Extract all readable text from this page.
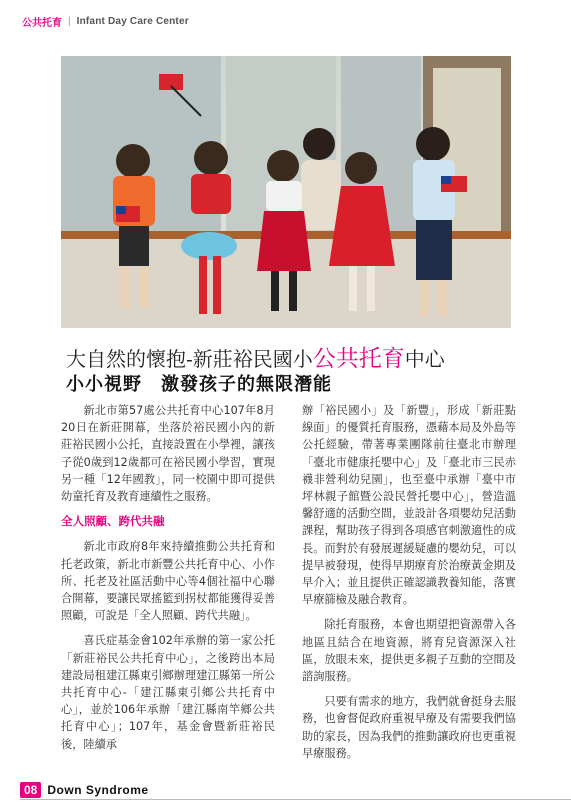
公共托育 | Infant Day Care Center
大自然的懷抱-新莊裕民國小公共托育中心
小小視野　激發孩子的無限潛能

新北市第57處公共托育中心107年8月20日在新莊開幕，坐落於裕民國小內的新莊裕民國小公托，直接設置在小學裡，讓孩子從0歲到12歲都可在裕民國小學習，實現另一種「12年國教」，同一校園中即可提供幼童托育及教育連續性之服務。

全人照顧、跨代共融

新北市政府8年來持續推動公共托育和托老政策，新北市新豐公共托育中心、小作所、托老及社區活動中心等4個社福中心聯合開幕，要讓民眾搖籃到拐杖都能獲得妥善照顧，可說是「全人照顧、跨代共融」。

喜氏症基金會102年承辦的第一家公托「新莊裕民公共托育中心」，之後跨出本局建設局租建江縣東引鄉辦理建江縣第一所公共托育中心-「建江縣東引鄉公共托育中心」，並於106年承辦「建江縣南竿鄉公共托育中心」；107年，基金會暨新莊裕民後，陸續承

辦「裕民國小」及「新豐」，形成「新莊點線面」的優質托育服務，憑藉本局及外島等公托經驗，帶著專業團隊前往臺北市辦理「臺北市健康托嬰中心」及「臺北市三民赤襪非營利幼兒園」，也至臺中承辦「臺中市坪林親子館暨公設民營托嬰中心」，營造溫馨舒適的活動空間，並設計各項嬰幼兒活動課程，幫助孩子得到各項感官刺激適性的成長。而對於有發展遲緩疑慮的嬰幼兒，可以提早被發現，使得早期療育於治療黃金期及早介入；並且提供正確認識教養知能，落實早療篩檢及融合教育。

除托育服務，本會也期望把資源帶入各地區且結合在地資源，將育兒資源深入社區，放眼未來，提供更多親子互動的空間及諮詢服務。

只要有需求的地方，我們就會挺身去服務，也會督促政府重視早療及有需要我們協助的家長，因為我們的推動讓政府也更重視早療服務。

08 Down Syndrome
